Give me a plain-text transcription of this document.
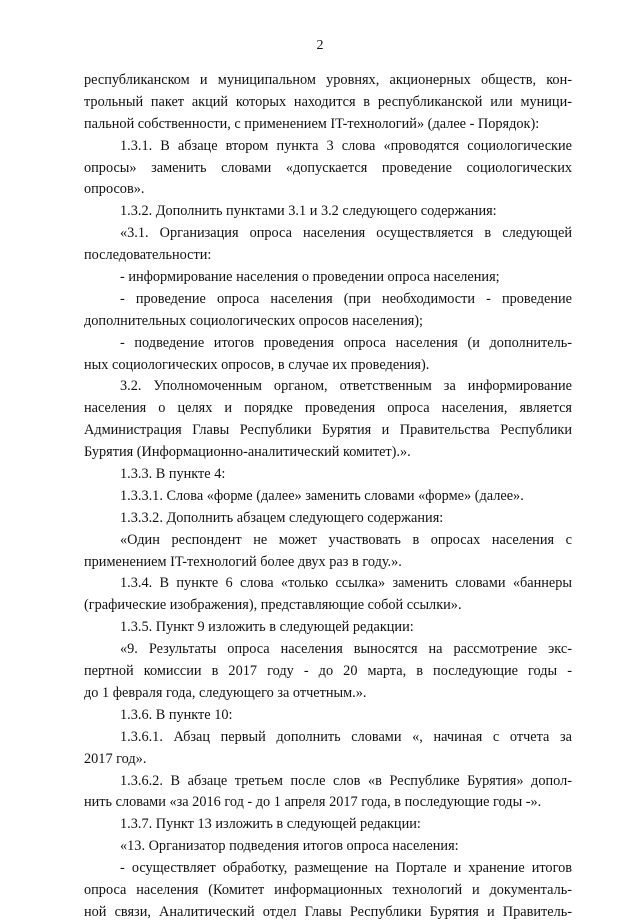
2
республиканском и муниципальном уровнях, акционерных обществ, кон-
трольный пакет акций которых находится в республиканской или муници-
пальной собственности, с применением IT-технологий» (далее - Порядок):
1.3.1. В абзаце втором пункта 3 слова «проводятся социологические
опросы» заменить словами «допускается проведение социологических
опросов».
1.3.2. Дополнить пунктами 3.1 и 3.2 следующего содержания:
«3.1. Организация опроса населения осуществляется в следующей
последовательности:
- информирование населения о проведении опроса населения;
- проведение опроса населения (при необходимости - проведение
дополнительных социологических опросов населения);
- подведение итогов проведения опроса населения (и дополнитель-
ных социологических опросов, в случае их проведения).
3.2. Уполномоченным органом, ответственным за информирование
населения о целях и порядке проведения опроса населения, является
Администрация Главы Республики Бурятия и Правительства Республики
Бурятия (Информационно-аналитический комитет).».
1.3.3. В пункте 4:
1.3.3.1. Слова «форме (далее» заменить словами «форме» (далее».
1.3.3.2. Дополнить абзацем следующего содержания:
«Один респондент не может участвовать в опросах населения с
применением IT-технологий более двух раз в году.».
1.3.4. В пункте 6 слова «только ссылка» заменить словами «баннеры
(графические изображения), представляющие собой ссылки».
1.3.5. Пункт 9 изложить в следующей редакции:
«9. Результаты опроса населения выносятся на рассмотрение экс-
пертной комиссии в 2017 году - до 20 марта, в последующие годы -
до 1 февраля года, следующего за отчетным.».
1.3.6. В пункте 10:
1.3.6.1. Абзац первый дополнить словами «, начиная с отчета за
2017 год».
1.3.6.2. В абзаце третьем после слов «в Республике Бурятия» допол-
нить словами «за 2016 год - до 1 апреля 2017 года, в последующие годы -».
1.3.7. Пункт 13 изложить в следующей редакции:
«13. Организатор подведения итогов опроса населения:
- осуществляет обработку, размещение на Портале и хранение итогов
опроса населения (Комитет информационных технологий и документаль-
ной связи, Аналитический отдел Главы Республики Бурятия и Правитель-
